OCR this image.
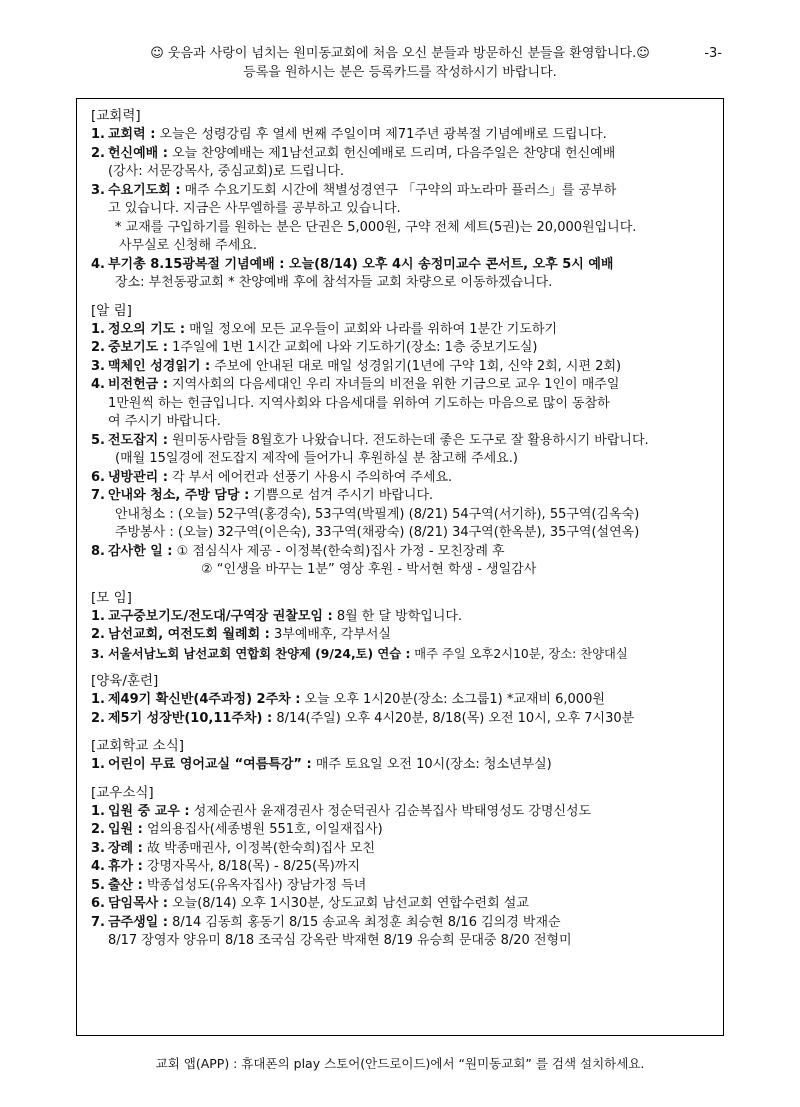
☺ 웃음과 사랑이 넘치는 원미동교회에 처음 오신 분들과 방문하신 분들을 환영합니다.☺	-3-
등록을 원하시는 분은 등록카드를 작성하시기 바랍니다.
[교회력]
1. 교회력 : 오늘은 성령강림 후 열세 번째 주일이며 제71주년 광복절 기념예배로 드립니다.
2. 헌신예배 : 오늘 찬양예배는 제1남선교회 헌신예배로 드리며, 다음주일은 찬양대 헌신예배
(강사: 서문강목사, 중심교회)로 드립니다.
3. 수요기도회 : 매주 수요기도회 시간에 책별성경연구 「구약의 파노라마 플러스」를 공부하
고 있습니다. 지금은 사무엘하를 공부하고 있습니다.
* 교재를 구입하기를 원하는 분은 단권은 5,000원, 구약 전체 세트(5권)는 20,000원입니다.
사무실로 신청해 주세요.
4. 부기총 8.15광복절 기념예배 : 오늘(8/14) 오후 4시 송정미교수 콘서트, 오후 5시 예배
장소: 부천동광교회 * 찬양예배 후에 참석자들 교회 차량으로 이동하겠습니다.
[알 림]
1. 정오의 기도 : 매일 정오에 모든 교우들이 교회와 나라를 위하여 1분간 기도하기
2. 중보기도 : 1주일에 1번 1시간 교회에 나와 기도하기(장소: 1층 중보기도실)
3. 맥체인 성경읽기 : 주보에 안내된 대로 매일 성경읽기(1년에 구약 1회, 신약 2회, 시편 2회)
4. 비전헌금 : 지역사회의 다음세대인 우리 자녀들의 비전을 위한 기금으로 교우 1인이 매주일
1만원씩 하는 헌금입니다. 지역사회와 다음세대를 위하여 기도하는 마음으로 많이 동참하
여 주시기 바랍니다.
5. 전도잡지 : 원미동사람들 8월호가 나왔습니다. 전도하는데 좋은 도구로 잘 활용하시기 바랍니다.
(매월 15일경에 전도잡지 제작에 들어가니 후원하실 분 참고해 주세요.)
6. 냉방관리 : 각 부서 에어컨과 선풍기 사용시 주의하여 주세요.
7. 안내와 청소, 주방 담당 : 기쁨으로 섬겨 주시기 바랍니다.
안내청소 : (오늘) 52구역(홍경숙), 53구역(박필계) (8/21) 54구역(서기하), 55구역(김옥숙)
주방봉사 : (오늘) 32구역(이은숙), 33구역(채광숙) (8/21) 34구역(한옥분), 35구역(설연옥)
8. 감사한 일 : ① 점심식사 제공 - 이정복(한숙희)집사 가정 - 모친장례 후
② “인생을 바꾸는 1분” 영상 후원 - 박서현 학생 - 생일감사
[모 임]
1. 교구중보기도/전도대/구역장 권찰모임 : 8월 한 달 방학입니다.
2. 남선교회, 여전도회 월례회 : 3부예배후, 각부서실
3. 서울서남노회 남선교회 연합회 찬양제 (9/24,토) 연습 : 매주 주일 오후2시10분, 장소: 찬양대실
[양육/훈련]
1. 제49기 확신반(4주과정) 2주차 : 오늘 오후 1시20분(장소: 소그룹1) *교재비 6,000원
2. 제5기 성장반(10,11주차) : 8/14(주일) 오후 4시20분, 8/18(목) 오전 10시, 오후 7시30분
[교회학교 소식]
1. 어린이 무료 영어교실 “여름특강” : 매주 토요일 오전 10시(장소: 청소년부실)
[교우소식]
1. 입원 중 교우 : 성제순권사 윤재경권사 정순덕권사 김순복집사 박태영성도 강명신성도
2. 입원 : 엄의용집사(세종병원 551호, 이일재집사)
3. 장례 : 故 박종매권사, 이정복(한숙희)집사 모친
4. 휴가 : 강명자목사, 8/18(목) - 8/25(목)까지
5. 출산 : 박종섭성도(유옥자집사) 장남가정 득녀
6. 담임목사 : 오늘(8/14) 오후 1시30분, 상도교회 남선교회 연합수련회 설교
7. 금주생일 : 8/14 김동희 홍동기 8/15 송교옥 최정훈 최승현 8/16 김의경 박재순
8/17 장영자 양유미 8/18 조국심 강옥란 박재현 8/19 유승희 문대중 8/20 전형미
교회 앱(APP) : 휴대폰의 play 스토어(안드로이드)에서 “원미동교회” 를 검색 설치하세요.
